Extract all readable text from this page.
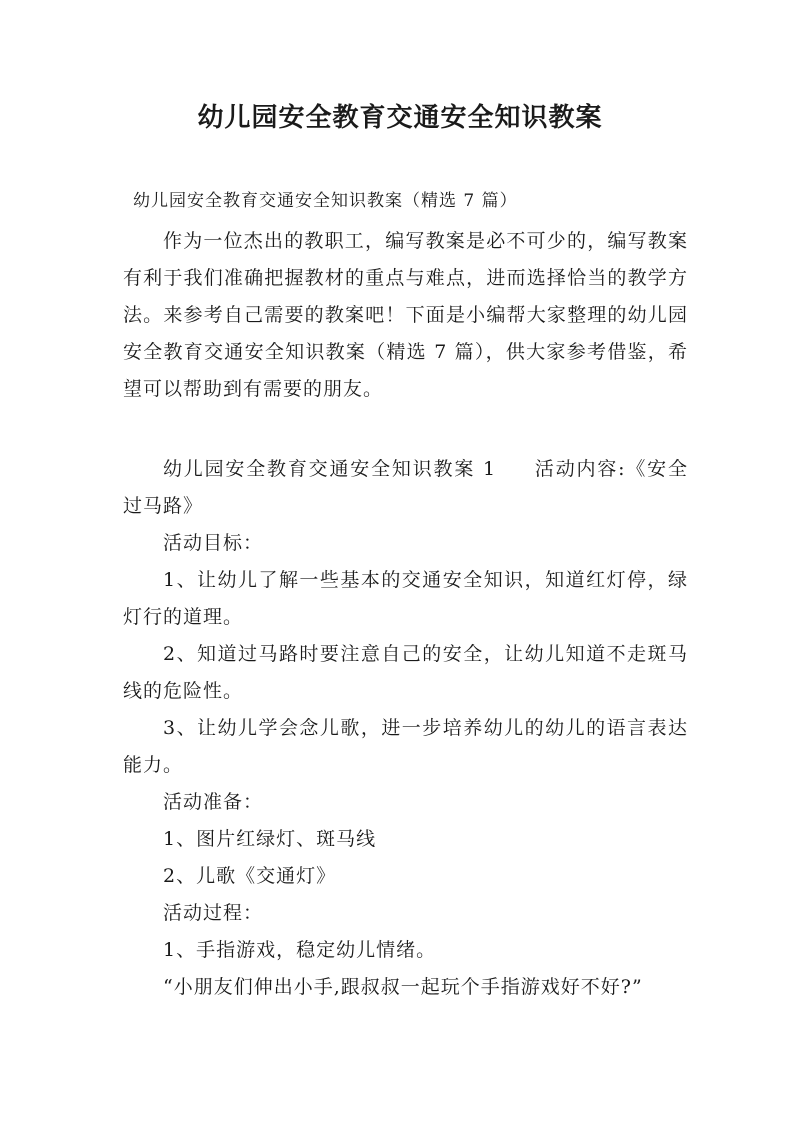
幼儿园安全教育交通安全知识教案
幼儿园安全教育交通安全知识教案（精选 7 篇）

作为一位杰出的教职工，编写教案是必不可少的，编写教案有利于我们准确把握教材的重点与难点，进而选择恰当的教学方法。来参考自己需要的教案吧！下面是小编帮大家整理的幼儿园安全教育交通安全知识教案（精选 7 篇），供大家参考借鉴，希望可以帮助到有需要的朋友。

幼儿园安全教育交通安全知识教案 1 活动内容:《安全过马路》

活动目标：

1、让幼儿了解一些基本的交通安全知识，知道红灯停，绿灯行的道理。

2、知道过马路时要注意自己的安全，让幼儿知道不走斑马线的危险性。

3、让幼儿学会念儿歌，进一步培养幼儿的幼儿的语言表达能力。

活动准备：

1、图片红绿灯、斑马线

2、儿歌《交通灯》

活动过程：

1、手指游戏，稳定幼儿情绪。

“小朋友们伸出小手,跟叔叔一起玩个手指游戏好不好?”
